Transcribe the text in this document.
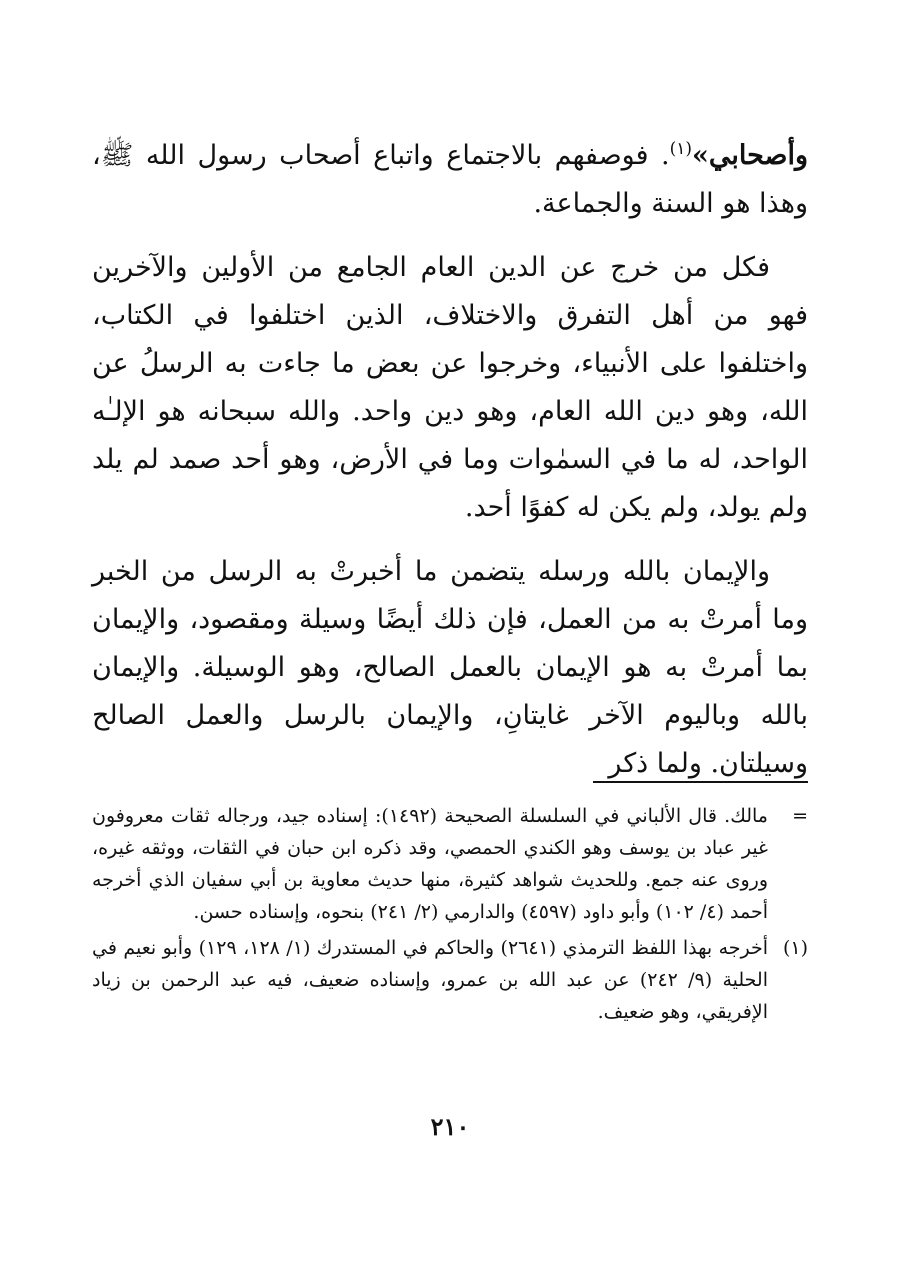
وأصحابي»$^{(١)}$. فوصفهم بالاجتماع واتباع أصحاب رسول الله ﷺ، وهذا هو السنة والجماعة.

فكل من خرج عن الدين العام الجامع من الأولين والآخرين فهو من أهل التفرق والاختلاف، الذين اختلفوا في الكتاب، واختلفوا على الأنبياء، وخرجوا عن بعض ما جاءت به الرسلُ عن الله، وهو دين الله العام، وهو دين واحد. والله سبحانه هو الإلـٰه الواحد، له ما في السمٰوات وما في الأرض، وهو أحد صمد لم يلد ولم يولد، ولم يكن له كفوًا أحد.

والإيمان بالله ورسله يتضمن ما أخبرتْ به الرسل من الخبر وما أمرتْ به من العمل، فإن ذلك أيضًا وسيلة ومقصود، والإيمان بما أمرتْ به هو الإيمان بالعمل الصالح، وهو الوسيلة. والإيمان بالله وباليوم الآخر غايتانِ، والإيمان بالرسل والعمل الصالح وسيلتان. ولما ذكر

=
مالك. قال الألباني في السلسلة الصحيحة (١٤٩٢): إسناده جيد، ورجاله ثقات معروفون غير عباد بن يوسف وهو الكندي الحمصي، وقد ذكره ابن حبان في الثقات، ووثقه غيره، وروى عنه جمع. وللحديث شواهد كثيرة، منها حديث معاوية بن أبي سفيان الذي أخرجه أحمد (٤/ ١٠٢) وأبو داود (٤٥٩٧) والدارمي (٢/ ٢٤١) بنحوه، وإسناده حسن.
(١)
أخرجه بهذا اللفظ الترمذي (٢٦٤١) والحاكم في المستدرك (١/ ١٢٨، ١٢٩) وأبو نعيم في الحلية (٩/ ٢٤٢) عن عبد الله بن عمرو، وإسناده ضعيف، فيه عبد الرحمن بن زياد الإفريقي، وهو ضعيف.
٢١٠
